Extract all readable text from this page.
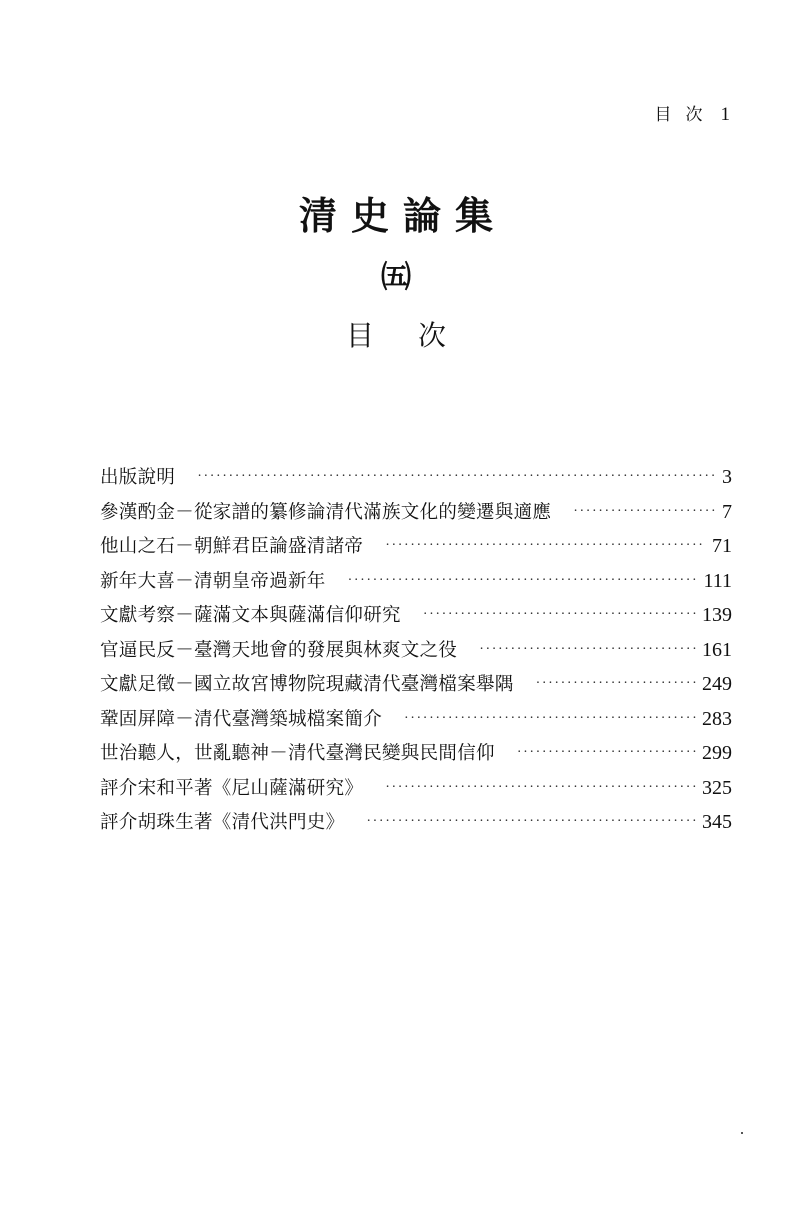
目次 1
清史論集
㈤
目次
出版說明 ·····	3
參漢酌金－從家譜的纂修論清代滿族文化的變遷與適應 ·····	7
他山之石－朝鮮君臣論盛清諸帝 ·····	71
新年大喜－清朝皇帝過新年 ·····	111
文獻考察－薩滿文本與薩滿信仰研究 ·····	139
官逼民反－臺灣天地會的發展與林爽文之役 ·····	161
文獻足徵－國立故宮博物院現藏清代臺灣檔案舉隅 ·····	249
鞏固屏障－清代臺灣築城檔案簡介 ·····	283
世治聽人，世亂聽神－清代臺灣民變與民間信仰 ·····	299
評介宋和平著《尼山薩滿研究》 ·····	325
評介胡珠生著《清代洪門史》 ·····	345
